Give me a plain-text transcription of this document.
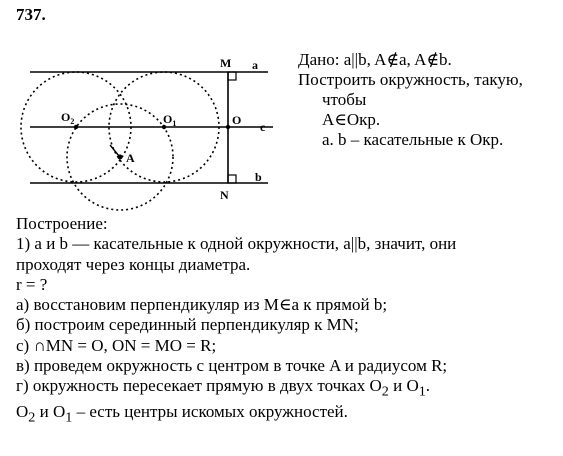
737.
M a
$O_2$	$O_1$	O c
A
N
b
Дано: a||b, A∉a, A∉b.
Построить окружность, такую,
чтобы
A∈Окр.
a. b – касательные к Окр.
Построение:
1) a и b — касательные к одной окружности, a||b, значит, они
проходят через концы диаметра.
r = ?
а) восстановим перпендикуляр из M∈a к прямой b;
б) построим серединный перпендикуляр к MN;
с) ∩MN = O, ON = MO = R;
в) проведем окружность с центром в точке A и радиусом R;
г) окружность пересекает прямую в двух точках $O_2$ и $O_1$.
$O_2$ и $O_1$ – есть центры искомых окружностей.
